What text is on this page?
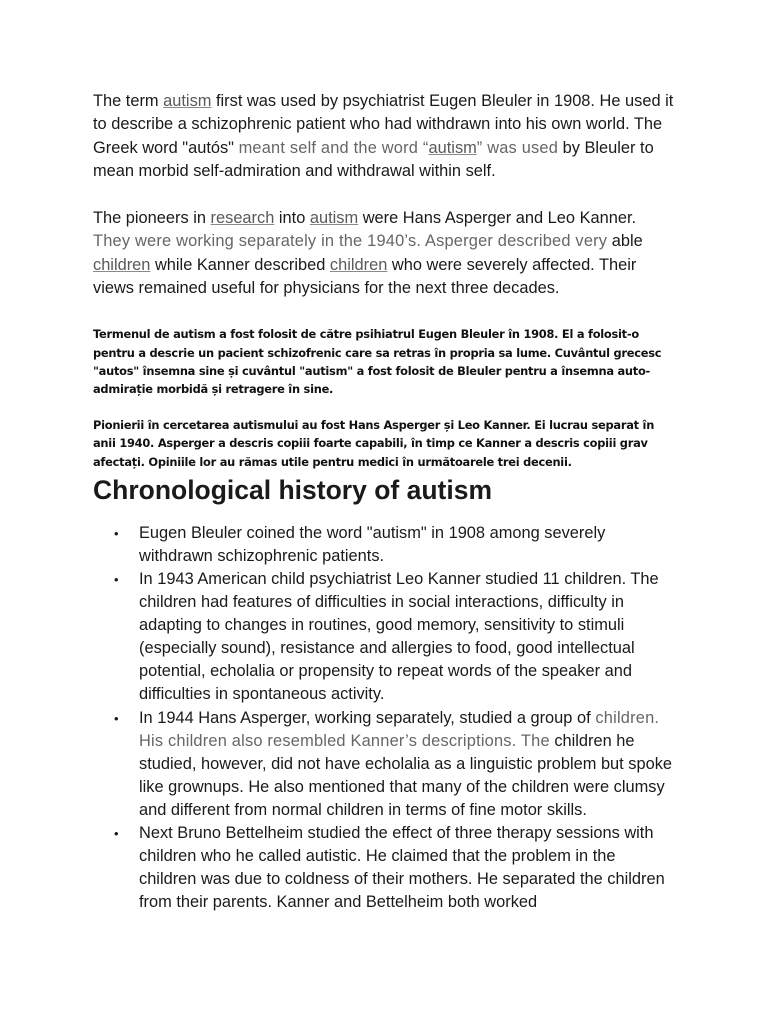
The term autism first was used by psychiatrist Eugen Bleuler in 1908. He used it to describe a schizophrenic patient who had withdrawn into his own world. The Greek word "autós" meant self and the word “autism” was used by Bleuler to mean morbid self-admiration and withdrawal within self.

The pioneers in research into autism were Hans Asperger and Leo Kanner. They were working separately in the 1940’s. Asperger described very able children while Kanner described children who were severely affected. Their views remained useful for physicians for the next three decades.

Termenul de autism a fost folosit de către psihiatrul Eugen Bleuler în 1908. El a folosit-o pentru a descrie un pacient schizofrenic care sa retras în propria sa lume. Cuvântul grecesc "autos" însemna sine și cuvântul "autism" a fost folosit de Bleuler pentru a însemna auto-admirație morbidă și retragere în sine.

Pionierii în cercetarea autismului au fost Hans Asperger și Leo Kanner. Ei lucrau separat în anii 1940. Asperger a descris copiii foarte capabili, în timp ce Kanner a descris copiii grav afectați. Opiniile lor au rămas utile pentru medici în următoarele trei decenii.

Chronological history of autism
• Eugen Bleuler coined the word "autism" in 1908 among severely withdrawn schizophrenic patients.
• In 1943 American child psychiatrist Leo Kanner studied 11 children. The children had features of difficulties in social interactions, difficulty in adapting to changes in routines, good memory, sensitivity to stimuli (especially sound), resistance and allergies to food, good intellectual potential, echolalia or propensity to repeat words of the speaker and difficulties in spontaneous activity.
• In 1944 Hans Asperger, working separately, studied a group of children. His children also resembled Kanner’s descriptions. The children he studied, however, did not have echolalia as a linguistic problem but spoke like grownups. He also mentioned that many of the children were clumsy and different from normal children in terms of fine motor skills.
• Next Bruno Bettelheim studied the effect of three therapy sessions with children who he called autistic. He claimed that the problem in the children was due to coldness of their mothers. He separated the children from their parents. Kanner and Bettelheim both worked
